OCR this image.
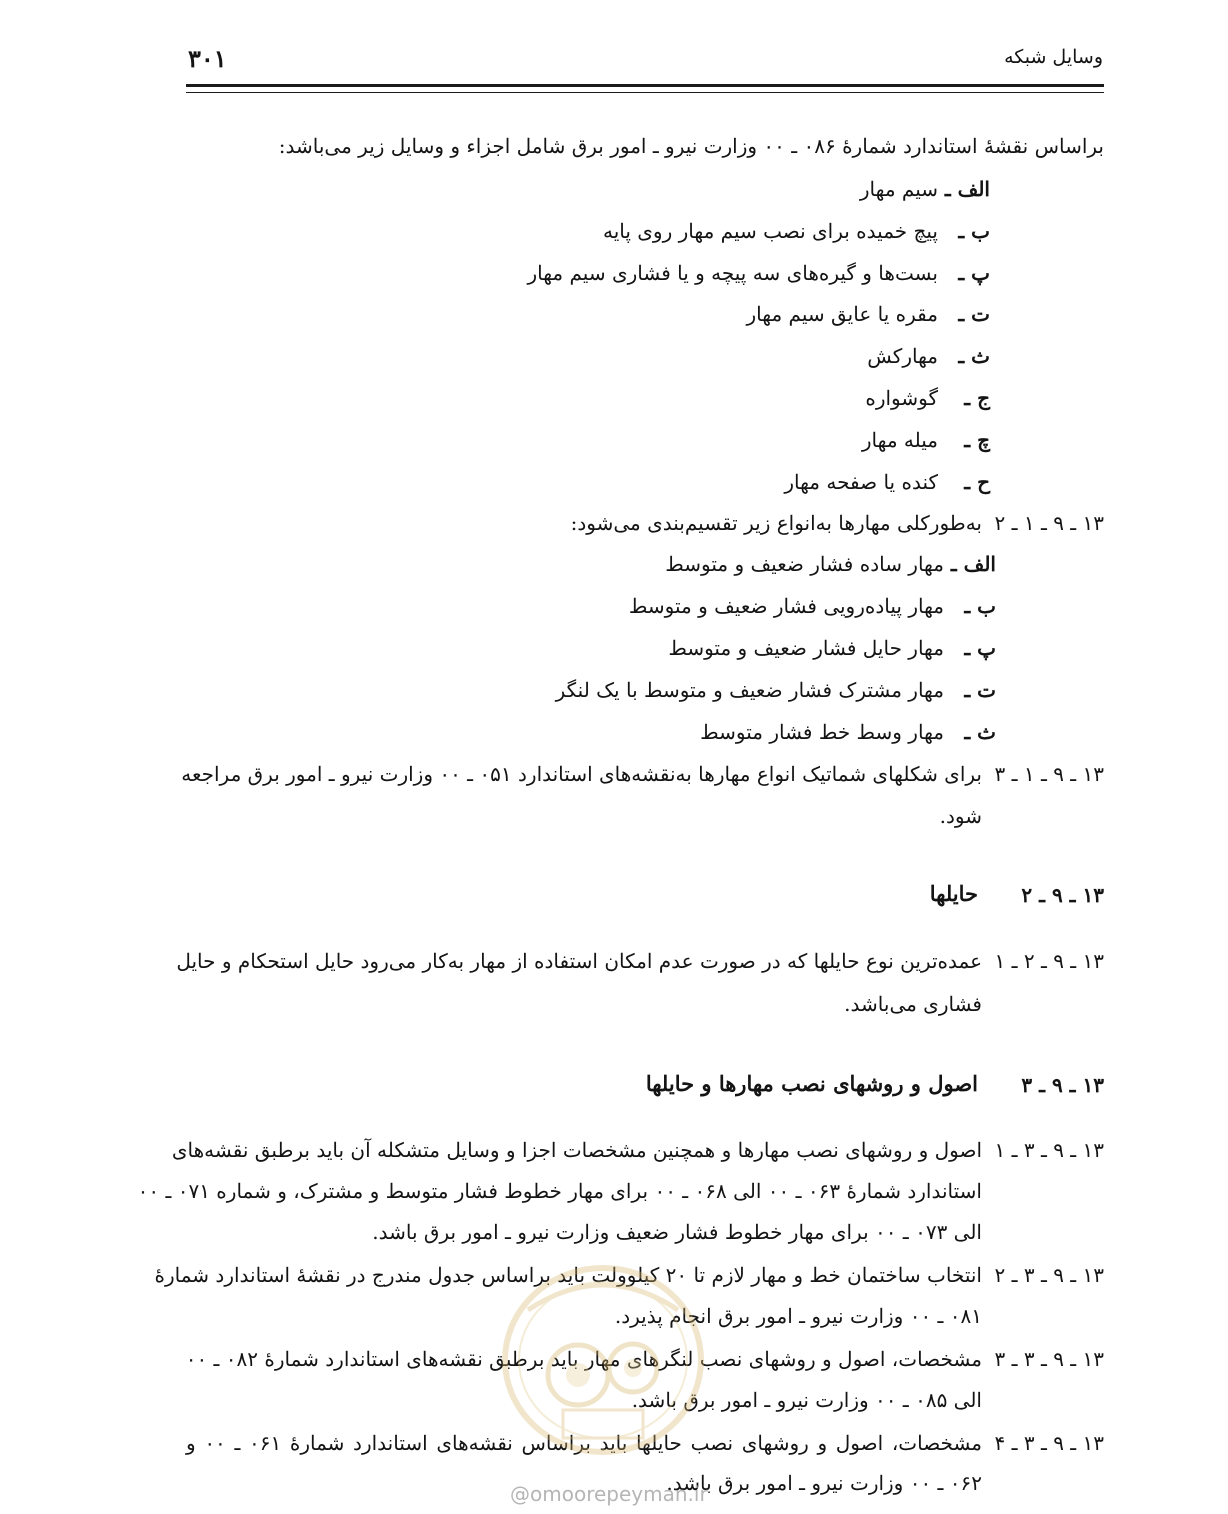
وسایل شبکه
۳۰۱
براساس نقشهٔ استاندارد شمارهٔ ۰۸۶ ـ ۰۰ وزارت نیرو ـ امور برق شامل اجزاء و وسایل زیر می‌باشد:
الف ـسیم مهار
ب ـپیچ خمیده برای نصب سیم مهار روی پایه
پ ـبست‌ها و گیره‌های سه پیچه و یا فشاری سیم مهار
ت ـمقره یا عایق سیم مهار
ث ـمهارکش
ج ـگوشواره
چ ـمیله مهار
ح ـکنده یا صفحه مهار
۱۳ ـ ۹ ـ ۱ ـ ۲
به‌طورکلی مهارها به‌انواع زیر تقسیم‌بندی می‌شود:
الف ـمهار ساده فشار ضعیف و متوسط
ب ـمهار پیاده‌رویی فشار ضعیف و متوسط
پ ـمهار حایل فشار ضعیف و متوسط
ت ـمهار مشترک فشار ضعیف و متوسط با یک لنگر
ث ـمهار وسط خط فشار متوسط
۱۳ ـ ۹ ـ ۱ ـ ۳
برای شکلهای شماتیک انواع مهارها به‌نقشه‌های استاندارد ۰۵۱ ـ ۰۰ وزارت نیرو ـ امور برق مراجعه
شود.
۱۳ ـ ۹ ـ ۲
حایلها
۱۳ ـ ۹ ـ ۲ ـ ۱
عمده‌ترین نوع حایلها که در صورت عدم امکان استفاده از مهار به‌کار می‌رود حایل استحکام و حایل
فشاری می‌باشد.
۱۳ ـ ۹ ـ ۳
اصول و روشهای نصب مهارها و حایلها
۱۳ ـ ۹ ـ ۳ ـ ۱
اصول و روشهای نصب مهارها و همچنین مشخصات اجزا و وسایل متشکله آن باید برطبق نقشه‌های
استاندارد شمارهٔ ۰۶۳ ـ ۰۰ الی ۰۶۸ ـ ۰۰ برای مهار خطوط فشار متوسط و مشترک، و شماره ۰۷۱ ـ ۰۰
الی ۰۷۳ ـ ۰۰ برای مهار خطوط فشار ضعیف وزارت نیرو ـ امور برق باشد.
۱۳ ـ ۹ ـ ۳ ـ ۲
انتخاب ساختمان خط و مهار لازم تا ۲۰ کیلوولت باید براساس جدول مندرج در نقشهٔ استاندارد شمارهٔ
۰۸۱ ـ ۰۰ وزارت نیرو ـ امور برق انجام پذیرد.
۱۳ ـ ۹ ـ ۳ ـ ۳
مشخصات، اصول و روشهای نصب لنگرهای مهار باید برطبق نقشه‌های استاندارد شمارهٔ ۰۸۲ ـ ۰۰
الی ۰۸۵ ـ ۰۰ وزارت نیرو ـ امور برق باشد.
۱۳ ـ ۹ ـ ۳ ـ ۴
مشخصات، اصول و روشهای نصب حایلها باید براساس نقشه‌های استاندارد شمارهٔ ۰۶۱ ـ ۰۰ و
۰۶۲ ـ ۰۰ وزارت نیرو ـ امور برق باشد.
@omoorepeyman.ir
